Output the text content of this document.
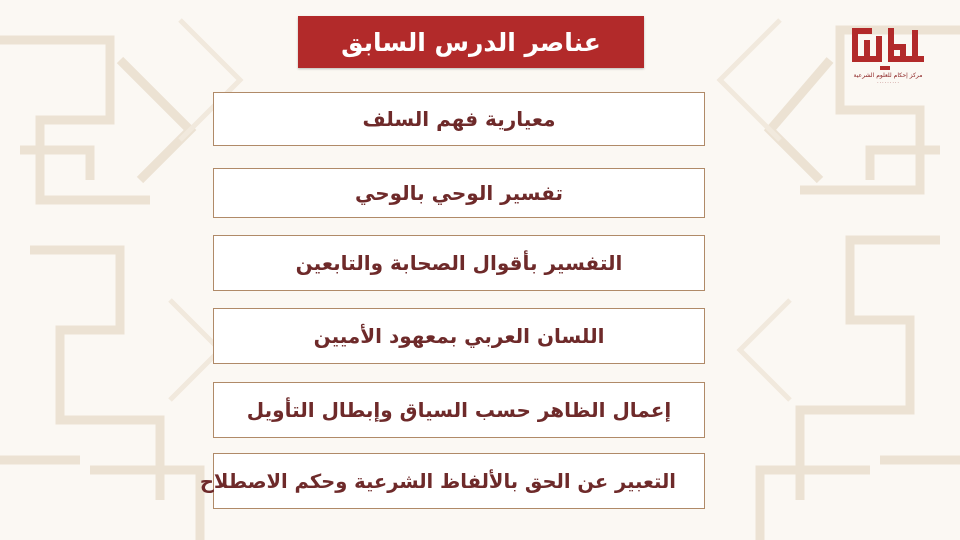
عناصر الدرس السابق
مركز إحكام للعلوم الشرعية
· · · · · · · · ·
معيارية فهم السلف
تفسير الوحي بالوحي
التفسير بأقوال الصحابة والتابعين
اللسان العربي بمعهود الأميين
إعمال الظاهر حسب السياق وإبطال التأويل
التعبير عن الحق بالألفاظ الشرعية وحكم الاصطلاح
